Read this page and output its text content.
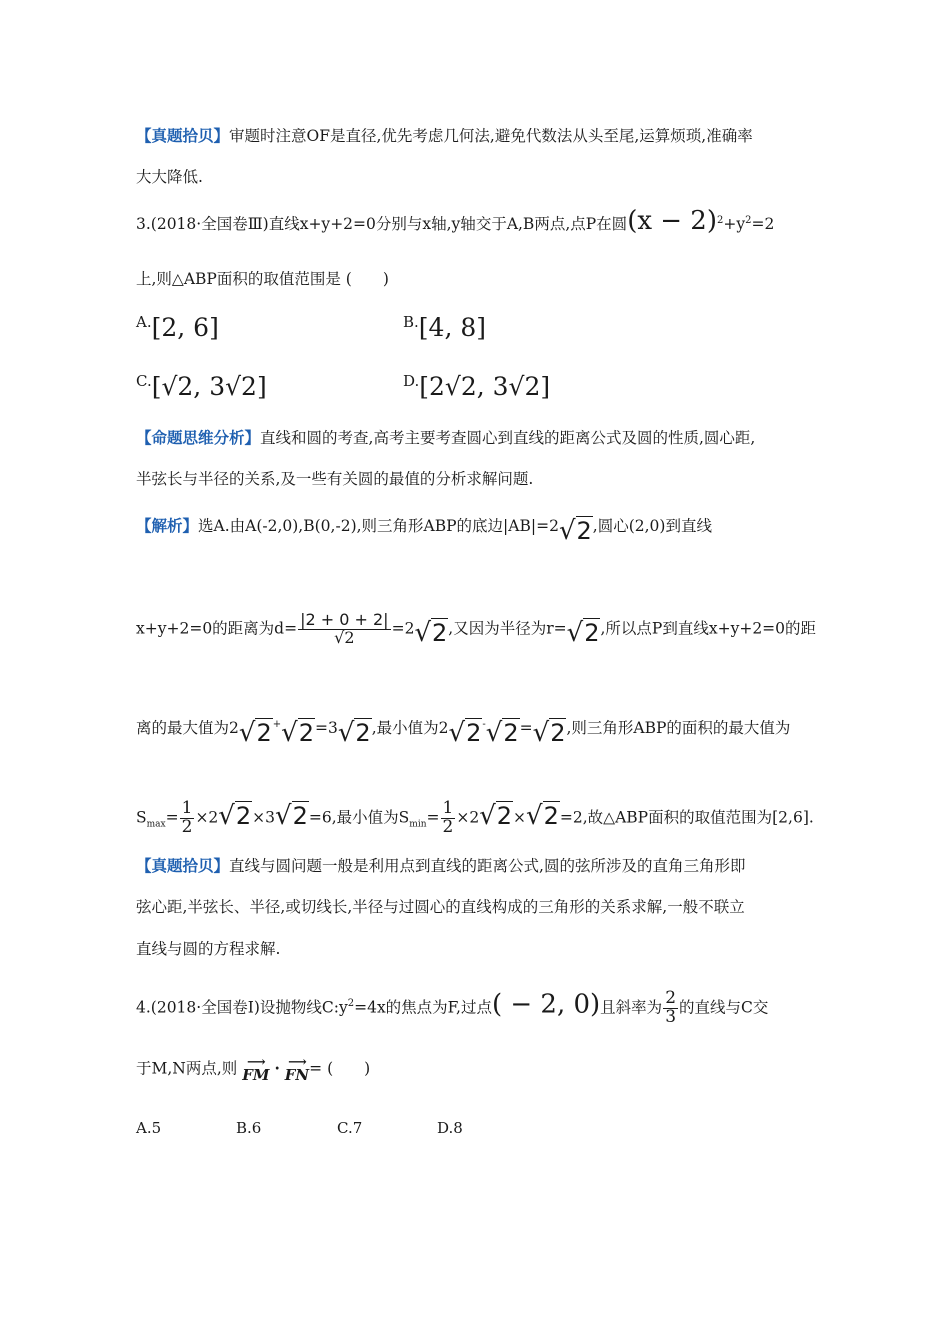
【真题拾贝】审题时注意OF是直径,优先考虑几何法,避免代数法从头至尾,运算烦琐,准确率
大大降低.
3.(2018·全国卷Ⅲ)直线x+y+2=0分别与x轴,y轴交于A,B两点,点P在圆$(x - 2)^2+y^2=2$
上,则△ABP面积的取值范围是 (　　)
A.[2, 6]	B.[4, 8]
C.[√2, 3√2]	D.[2√2, 3√2]
【命题思维分析】直线和圆的考查,高考主要考查圆心到直线的距离公式及圆的性质,圆心距,
半弦长与半径的关系,及一些有关圆的最值的分析求解问题.
【解析】选A.由A(-2,0),B(0,-2),则三角形ABP的底边|AB|=2√2,圆心(2,0)到直线
x+y+2=0的距离为$d= \frac{|2 + 0 + 2|}{√2} =2√2$,又因为半径为r=√2,所以点P到直线x+y+2=0的距
离的最大值为2√2+√2=3√2,最小值为2√2-√2=√2,则三角形ABP的面积的最大值为
$S_{max}= \frac{1}{2} \times 2√2\times 3√2=6$,最小值为$S_{min}= \frac{1}{2} \times 2√2\times√2=2$,故△ABP面积的取值范围为[2,6].
【真题拾贝】直线与圆问题一般是利用点到直线的距离公式,圆的弦所涉及的直角三角形即
弦心距,半弦长、半径,或切线长,半径与过圆心的直线构成的三角形的关系求解,一般不联立
直线与圆的方程求解.
4.(2018·全国卷Ⅰ)设抛物线$C:y^2=4x$的焦点为F,过点( − 2, 0)且斜率为 $\frac{2}{3}$ 的直线与C交
于M,N两点,则 ⟶
FM · ⟶
FN = (　　)
A.5	B.6	C.7	D.8
